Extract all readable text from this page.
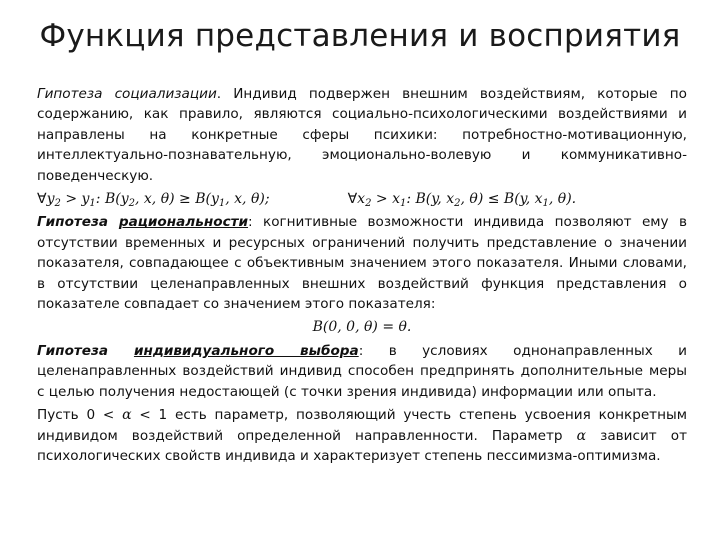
Функция представления и восприятия

Гипотеза социализации. Индивид подвержен внешним воздействиям, которые по содержанию, как правило, являются социально-психологическими воздействиями и направлены на конкретные сферы психики: потребностно-мотивационную, интеллектуально-познавательную, эмоционально-волевую и коммуникативно-поведенческую.

$\forall y_2 > y_1$: $B(y_2$, x, $\theta) \ge B(y_1$, x, θ);	$\forall x_2 > x_1$: B(y, $x_2$, θ) ≤ B(y, $x_1$, θ).

Гипотеза рациональности: когнитивные возможности индивида позволяют ему в отсутствии временных и ресурсных ограничений получить представление о значении показателя, совпадающее с объективным значением этого показателя. Иными словами, в отсутствии целенаправленных внешних воздействий функция представления о показателе совпадает со значением этого показателя:

B(0, 0, θ) = θ.

Гипотеза индивидуального выбора: в условиях однонаправленных и целенаправленных воздействий индивид способен предпринять дополнительные меры с целью получения недостающей (с точки зрения индивида) информации или опыта.

Пусть 0 < α < 1 есть параметр, позволяющий учесть степень усвоения конкретным индивидом воздействий определенной направленности. Параметр α зависит от психологических свойств индивида и характеризует степень пессимизма-оптимизма.
